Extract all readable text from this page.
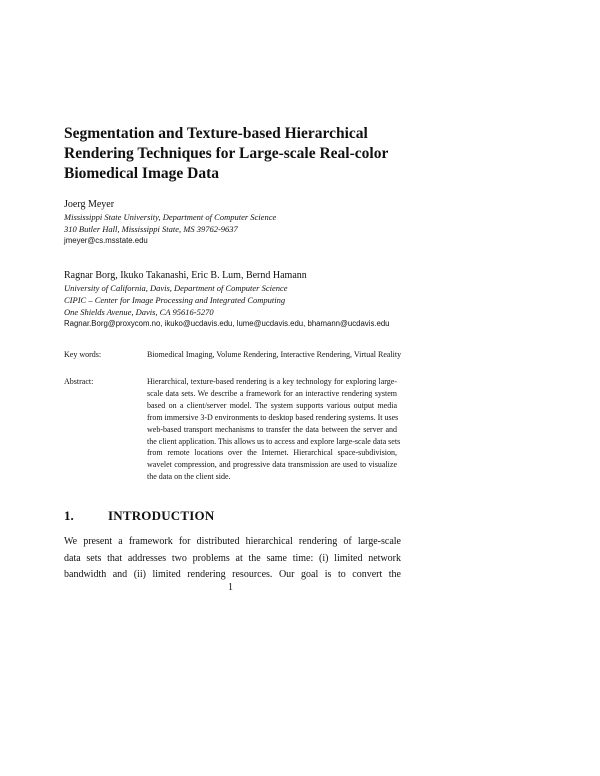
Segmentation and Texture-based Hierarchical
Rendering Techniques for Large-scale Real-color
Biomedical Image Data
Joerg Meyer
Mississippi State University, Department of Computer Science
310 Butler Hall, Mississippi State, MS 39762-9637
jmeyer@cs.msstate.edu
Ragnar Borg, Ikuko Takanashi, Eric B. Lum, Bernd Hamann
University of California, Davis, Department of Computer Science
CIPIC – Center for Image Processing and Integrated Computing
One Shields Avenue, Davis, CA 95616-5270
Ragnar.Borg@proxycom.no, ikuko@ucdavis.edu, lume@ucdavis.edu, bhamann@ucdavis.edu
Key words:	Biomedical Imaging, Volume Rendering, Interactive Rendering, Virtual Reality
Abstract:	Hierarchical, texture-based rendering is a key technology for exploring large-
scale data sets. We describe a framework for an interactive rendering system
based on a client/server model. The system supports various output media
from immersive 3-D environments to desktop based rendering systems. It uses
web-based transport mechanisms to transfer the data between the server and
the client application. This allows us to access and explore large-scale data sets
from remote locations over the Internet. Hierarchical space-subdivision,
wavelet compression, and progressive data transmission are used to visualize
the data on the client side.
1.	INTRODUCTION
We present a framework for distributed hierarchical rendering of large-scale
data sets that addresses two problems at the same time: (i) limited network
bandwidth and (ii) limited rendering resources. Our goal is to convert the
1
